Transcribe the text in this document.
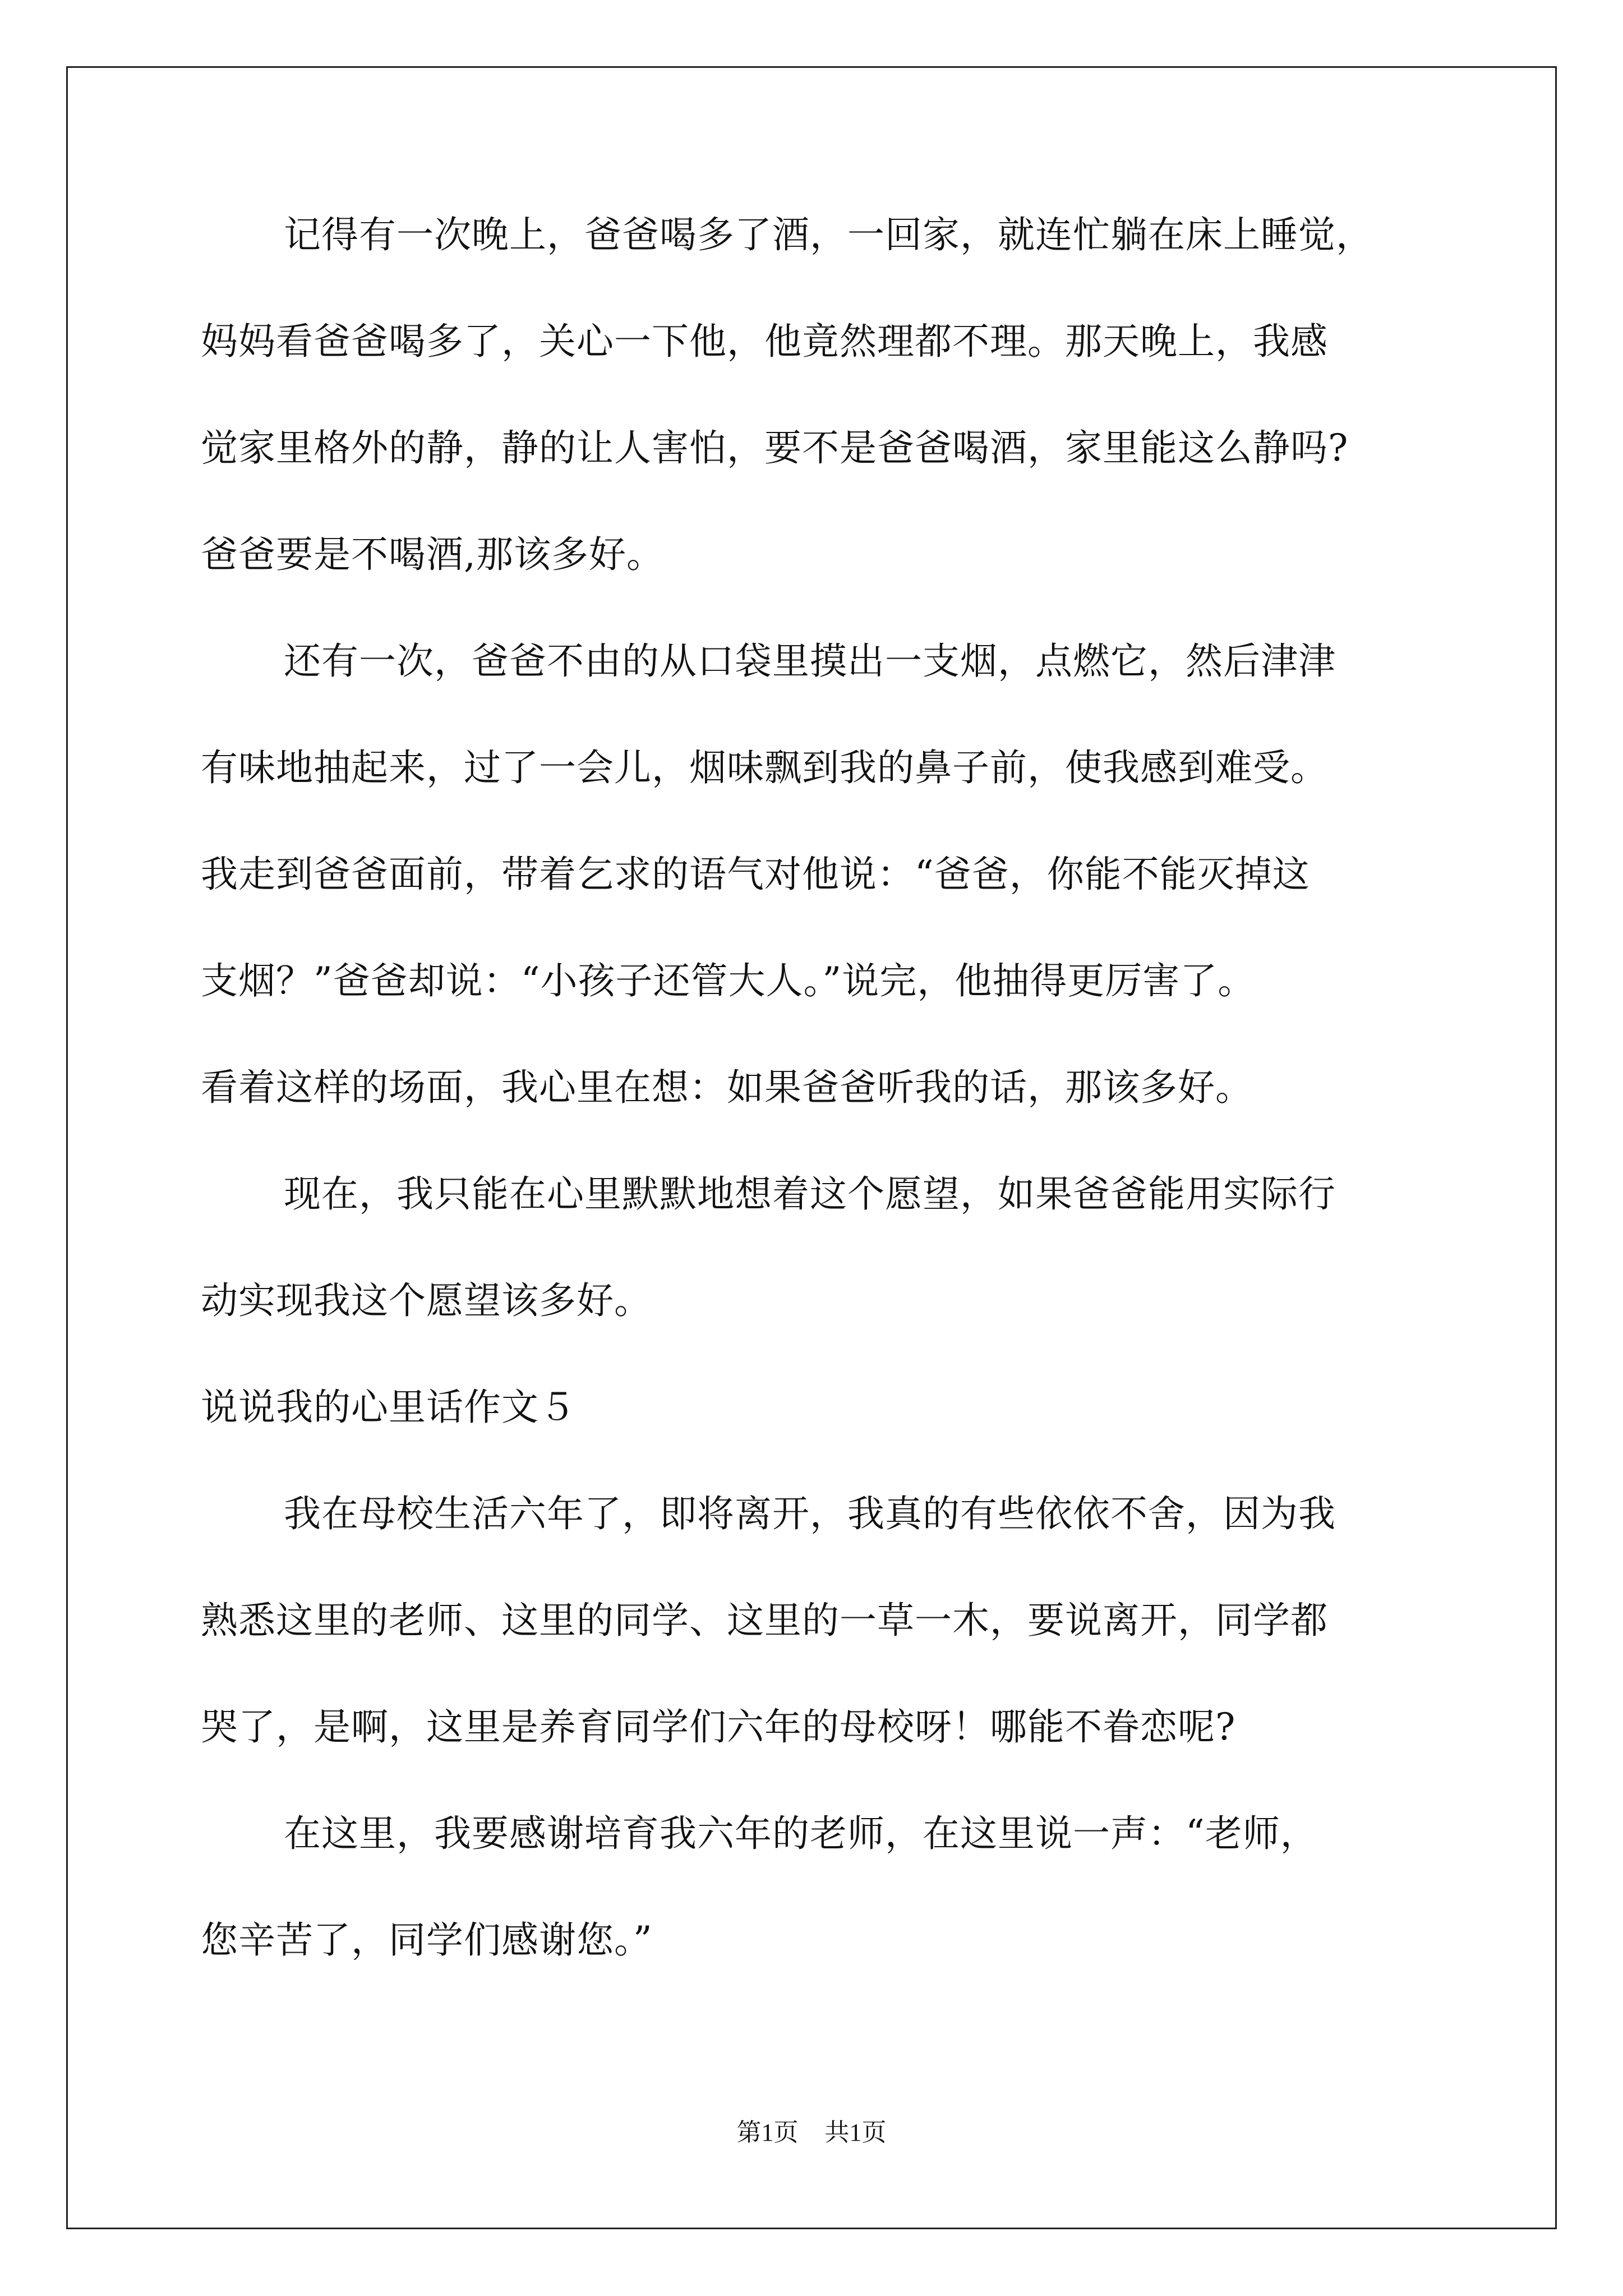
记得有一次晚上，爸爸喝多了酒，一回家，就连忙躺在床上睡觉，
妈妈看爸爸喝多了，关心一下他，他竟然理都不理。那天晚上，我感
觉家里格外的静，静的让人害怕，要不是爸爸喝酒，家里能这么静吗?
爸爸要是不喝酒,那该多好。
还有一次，爸爸不由的从口袋里摸出一支烟，点燃它，然后津津
有味地抽起来，过了一会儿，烟味飘到我的鼻子前，使我感到难受。
我走到爸爸面前，带着乞求的语气对他说：“爸爸，你能不能灭掉这
支烟？”爸爸却说：“小孩子还管大人。”说完，他抽得更厉害了。
看着这样的场面，我心里在想：如果爸爸听我的话，那该多好。
现在，我只能在心里默默地想着这个愿望，如果爸爸能用实际行
动实现我这个愿望该多好。
说说我的心里话作文５
我在母校生活六年了，即将离开，我真的有些依依不舍，因为我
熟悉这里的老师、这里的同学、这里的一草一木，要说离开，同学都
哭了，是啊，这里是养育同学们六年的母校呀！哪能不眷恋呢?
在这里，我要感谢培育我六年的老师，在这里说一声：“老师，
您辛苦了，同学们感谢您。”
第1页 共1页
